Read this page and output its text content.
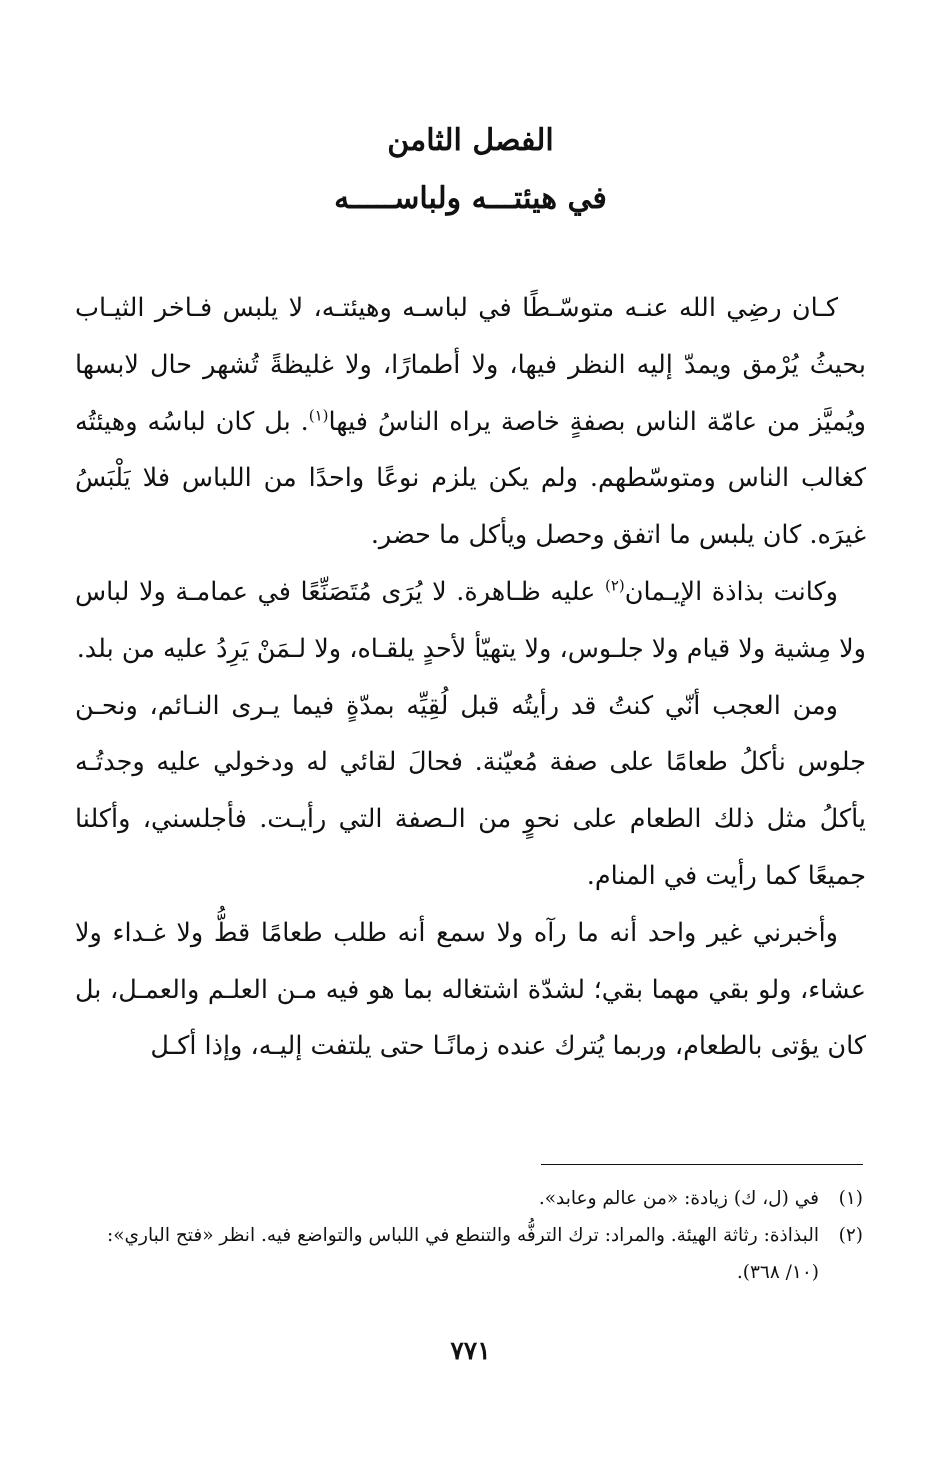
الفصل الثامن
في هيئتـــه ولباســـــه

كـان رضِي الله عنـه متوسّـطًا في لباسـه وهيئتـه، لا يلبس فـاخر الثيـاب بحيثُ يُرْمق ويمدّ إليه النظر فيها، ولا أطمارًا، ولا غليظةً تُشهر حال لابسها ويُميَّز من عامّة الناس بصفةٍ خاصة يراه الناسُ فيها$^{(١)}$. بل كان لباسُه وهيئتُه كغالب الناس ومتوسّطهم. ولم يكن يلزم نوعًا واحدًا من اللباس فلا يَلْبَسُ غيرَه. كان يلبس ما اتفق وحصل ويأكل ما حضر.

وكانت بذاذة الإيـمان$^{(٢)}$ عليه ظـاهرة. لا يُرَى مُتَصَنِّعًا في عمامـة ولا لباس ولا مِشية ولا قيام ولا جلـوس، ولا يتهيّأ لأحدٍ يلقـاه، ولا لـمَنْ يَرِدُ عليه من بلد.

ومن العجب أنّي كنتُ قد رأيتُه قبل لُقِيِّه بمدّةٍ فيما يـرى النـائم، ونحـن جلوس نأكلُ طعامًا على صفة مُعيّنة. فحالَ لقائي له ودخولي عليه وجدتُـه يأكلُ مثل ذلك الطعام على نحوٍ من الـصفة التي رأيـت. فأجلسني، وأكلنا جميعًا كما رأيت في المنام.

وأخبرني غير واحد أنه ما رآه ولا سمع أنه طلب طعامًا قطُّ ولا غـداء ولا عشاء، ولو بقي مهما بقي؛ لشدّة اشتغاله بما هو فيه مـن العلـم والعمـل، بل كان يؤتى بالطعام، وربما يُترك عنده زمانًـا حتى يلتفت إليـه، وإذا أكـل

(١)
في (ل، ك) زيادة: «من عالم وعابد».
(٢)
البذاذة: رثاثة الهيئة. والمراد: ترك الترفُّه والتنطع في اللباس والتواضع فيه. انظر «فتح الباري»: (١٠/ ٣٦٨).
٧٧١
